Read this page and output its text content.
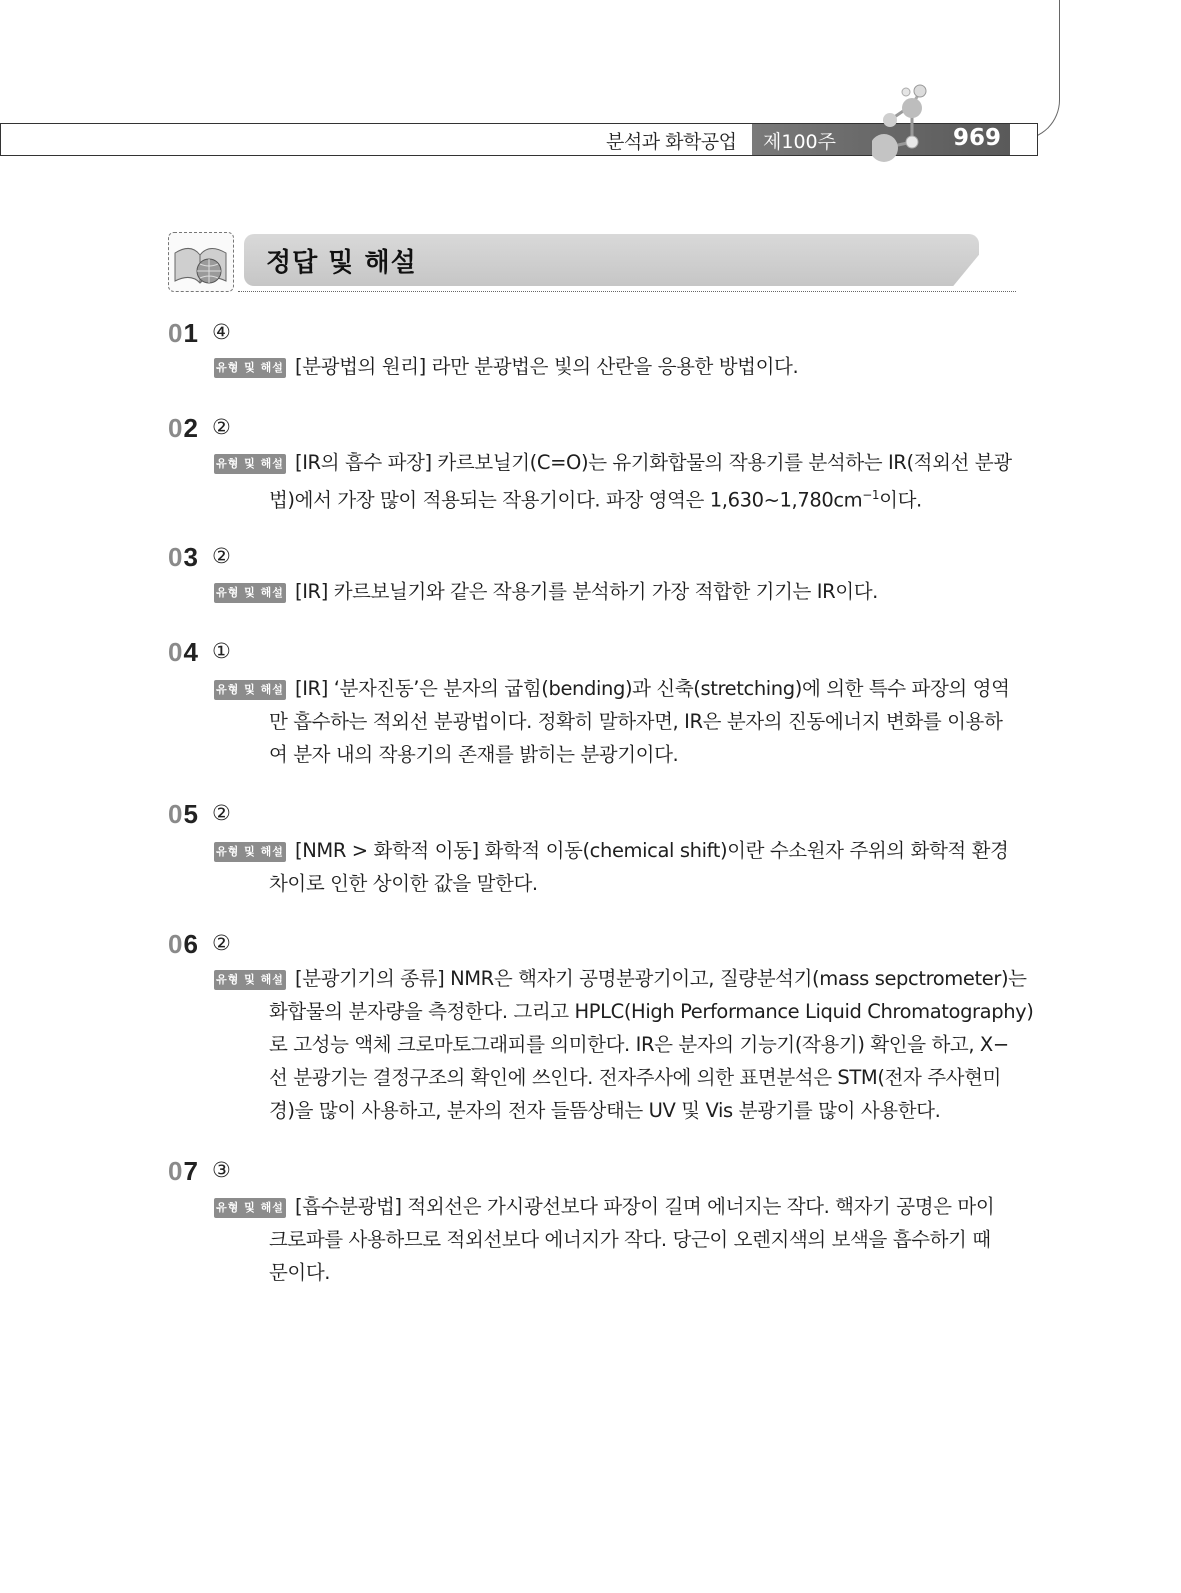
분석과 화학공업 제100주	969
정답 및 해설
01 ④
유형 및 해설 ●● [분광법의 원리] 라만 분광법은 빛의 산란을 응용한 방법이다.
02 ②
유형 및 해설 ●● [IR의 흡수 파장] 카르보닐기(C=O)는 유기화합물의 작용기를 분석하는 IR(적외선 분광
법)에서 가장 많이 적용되는 작용기이다. 파장 영역은 $1,630\sim 1,780cm^{-1}$이다.
03 ②
유형 및 해설 ●● [IR] 카르보닐기와 같은 작용기를 분석하기 가장 적합한 기기는 IR이다.
04 ①
유형 및 해설 ●● [IR] ‘분자진동’은 분자의 굽힘(bending)과 신축(stretching)에 의한 특수 파장의 영역
만 흡수하는 적외선 분광법이다. 정확히 말하자면, IR은 분자의 진동에너지 변화를 이용하
여 분자 내의 작용기의 존재를 밝히는 분광기이다.
05 ②
유형 및 해설 ●● [NMR > 화학적 이동] 화학적 이동(chemical shift)이란 수소원자 주위의 화학적 환경
차이로 인한 상이한 값을 말한다.
06 ②
유형 및 해설 ●● [분광기기의 종류] NMR은 핵자기 공명분광기이고, 질량분석기(mass sepctrometer)는
화합물의 분자량을 측정한다. 그리고 HPLC(High Performance Liquid Chromatography)
로 고성능 액체 크로마토그래피를 의미한다. IR은 분자의 기능기(작용기) 확인을 하고, X−
선 분광기는 결정구조의 확인에 쓰인다. 전자주사에 의한 표면분석은 STM(전자 주사현미
경)을 많이 사용하고, 분자의 전자 들뜸상태는 UV 및 Vis 분광기를 많이 사용한다.
07 ③
유형 및 해설 ●● [흡수분광법] 적외선은 가시광선보다 파장이 길며 에너지는 작다. 핵자기 공명은 마이
크로파를 사용하므로 적외선보다 에너지가 작다. 당근이 오렌지색의 보색을 흡수하기 때
문이다.
